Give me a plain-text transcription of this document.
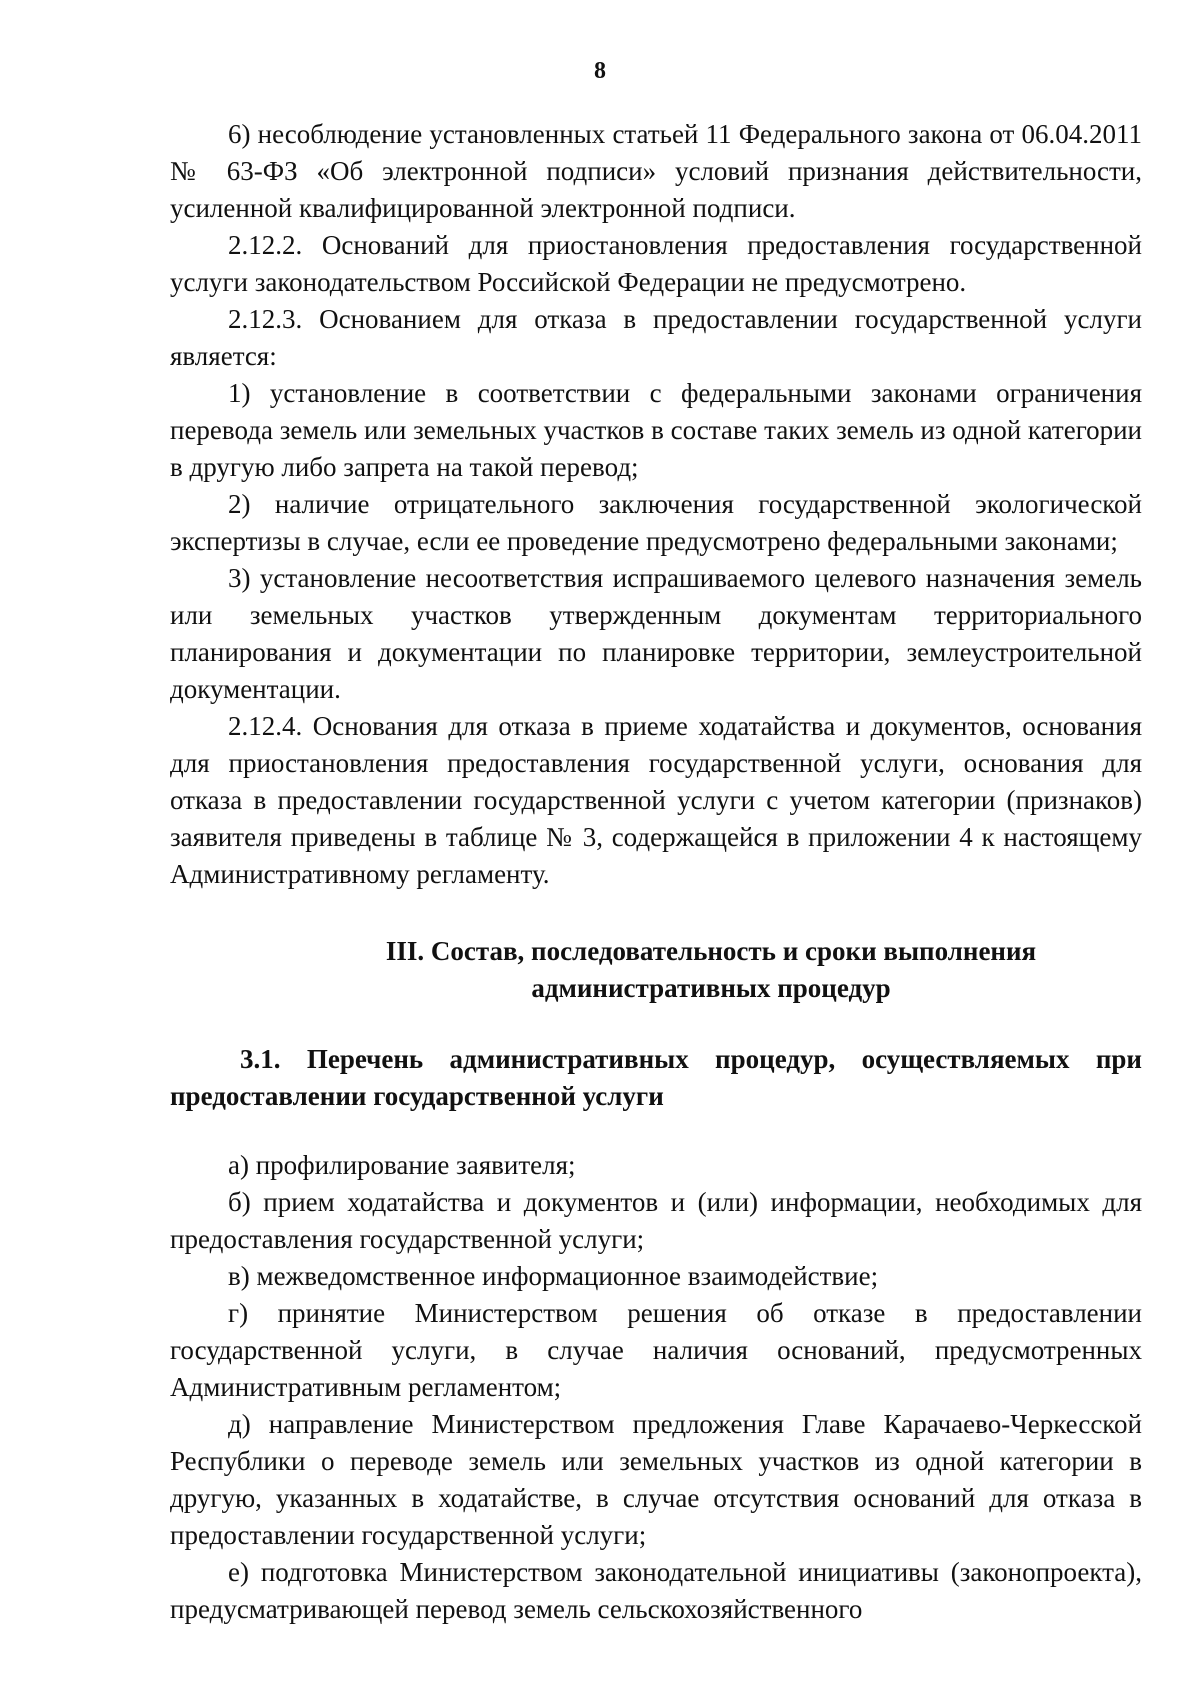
8

6) несоблюдение установленных статьей 11 Федерального закона от 06.04.2011 № 63-ФЗ «Об электронной подписи» условий признания действительности, усиленной квалифицированной электронной подписи.

2.12.2. Оснований для приостановления предоставления государственной услуги законодательством Российской Федерации не предусмотрено.

2.12.3. Основанием для отказа в предоставлении государственной услуги является:

1) установление в соответствии с федеральными законами ограничения перевода земель или земельных участков в составе таких земель из одной категории в другую либо запрета на такой перевод;

2) наличие отрицательного заключения государственной экологической экспертизы в случае, если ее проведение предусмотрено федеральными законами;

3) установление несоответствия испрашиваемого целевого назначения земель или земельных участков утвержденным документам территориального планирования и документации по планировке территории, землеустроительной документации.

2.12.4. Основания для отказа в приеме ходатайства и документов, основания для приостановления предоставления государственной услуги, основания для отказа в предоставлении государственной услуги с учетом категории (признаков) заявителя приведены в таблице № 3, содержащейся в приложении 4 к настоящему Административному регламенту.

III. Состав, последовательность и сроки выполнения
административных процедур

3.1. Перечень административных процедур, осуществляемых при предоставлении государственной услуги

а) профилирование заявителя;

б) прием ходатайства и документов и (или) информации, необходимых для предоставления государственной услуги;

в) межведомственное информационное взаимодействие;

г) принятие Министерством решения об отказе в предоставлении государственной услуги, в случае наличия оснований, предусмотренных Административным регламентом;

д) направление Министерством предложения Главе Карачаево-Черкесской Республики о переводе земель или земельных участков из одной категории в другую, указанных в ходатайстве, в случае отсутствия оснований для отказа в предоставлении государственной услуги;

е) подготовка Министерством законодательной инициативы (законопроекта), предусматривающей перевод земель сельскохозяйственного
